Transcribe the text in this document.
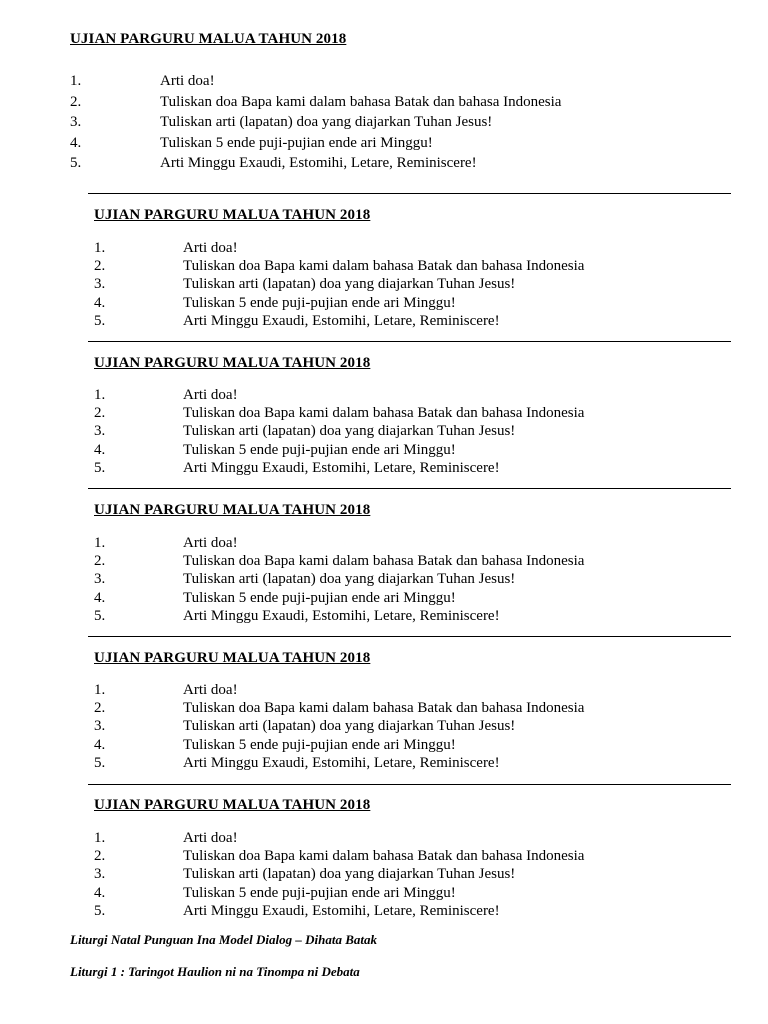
UJIAN PARGURU MALUA TAHUN 2018
1.	Arti doa!
2.	Tuliskan doa Bapa kami dalam bahasa Batak dan bahasa Indonesia
3.	Tuliskan arti (lapatan) doa yang diajarkan Tuhan Jesus!
4.	Tuliskan 5 ende puji-pujian ende ari Minggu!
5.	Arti Minggu Exaudi, Estomihi, Letare, Reminiscere!
UJIAN PARGURU MALUA TAHUN 2018
1.	Arti doa!
2.	Tuliskan doa Bapa kami dalam bahasa Batak dan bahasa Indonesia
3.	Tuliskan arti (lapatan) doa yang diajarkan Tuhan Jesus!
4.	Tuliskan 5 ende puji-pujian ende ari Minggu!
5.	Arti Minggu Exaudi, Estomihi, Letare, Reminiscere!
UJIAN PARGURU MALUA TAHUN 2018
1.	Arti doa!
2.	Tuliskan doa Bapa kami dalam bahasa Batak dan bahasa Indonesia
3.	Tuliskan arti (lapatan) doa yang diajarkan Tuhan Jesus!
4.	Tuliskan 5 ende puji-pujian ende ari Minggu!
5.	Arti Minggu Exaudi, Estomihi, Letare, Reminiscere!
UJIAN PARGURU MALUA TAHUN 2018
1.	Arti doa!
2.	Tuliskan doa Bapa kami dalam bahasa Batak dan bahasa Indonesia
3.	Tuliskan arti (lapatan) doa yang diajarkan Tuhan Jesus!
4.	Tuliskan 5 ende puji-pujian ende ari Minggu!
5.	Arti Minggu Exaudi, Estomihi, Letare, Reminiscere!
UJIAN PARGURU MALUA TAHUN 2018
1.	Arti doa!
2.	Tuliskan doa Bapa kami dalam bahasa Batak dan bahasa Indonesia
3.	Tuliskan arti (lapatan) doa yang diajarkan Tuhan Jesus!
4.	Tuliskan 5 ende puji-pujian ende ari Minggu!
5.	Arti Minggu Exaudi, Estomihi, Letare, Reminiscere!
UJIAN PARGURU MALUA TAHUN 2018
1.	Arti doa!
2.	Tuliskan doa Bapa kami dalam bahasa Batak dan bahasa Indonesia
3.	Tuliskan arti (lapatan) doa yang diajarkan Tuhan Jesus!
4.	Tuliskan 5 ende puji-pujian ende ari Minggu!
5.	Arti Minggu Exaudi, Estomihi, Letare, Reminiscere!
Liturgi Natal Punguan Ina Model Dialog – Dihata Batak
Liturgi 1 : Taringot Haulion ni na Tinompa ni Debata
